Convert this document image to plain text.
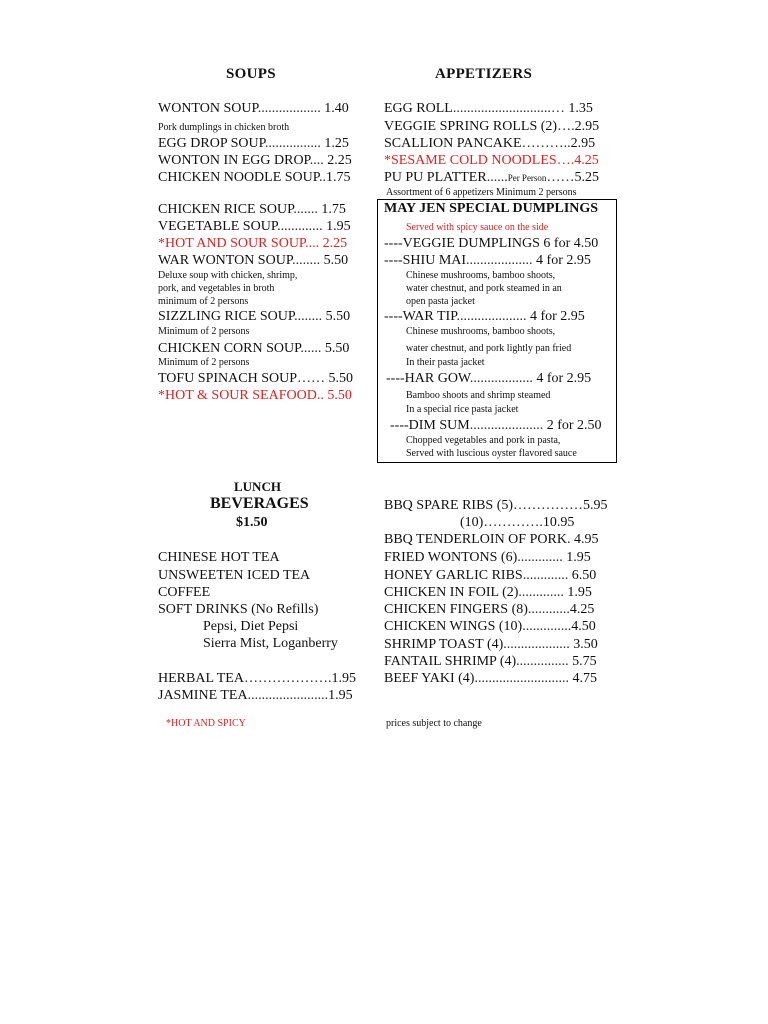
SOUPS
WONTON SOUP.................. 1.40
Pork dumplings in chicken broth
EGG DROP SOUP................ 1.25
WONTON IN EGG DROP.... 2.25
CHICKEN NOODLE SOUP..1.75
CHICKEN RICE SOUP....... 1.75
VEGETABLE SOUP............. 1.95
*HOT AND SOUR SOUP.... 2.25
WAR WONTON SOUP........ 5.50
Deluxe soup with chicken, shrimp,
pork, and vegetables in broth
minimum of 2 persons
SIZZLING RICE SOUP........ 5.50
Minimum of 2 persons
CHICKEN CORN SOUP...... 5.50
Minimum of 2 persons
TOFU SPINACH SOUP…… 5.50
*HOT & SOUR SEAFOOD.. 5.50
APPETIZERS
EGG ROLL............................… 1.35
VEGGIE SPRING ROLLS (2)….2.95
SCALLION PANCAKE………..2.95
*SESAME COLD NOODLES….4.25
PU PU PLATTER......Per Person……5.25
Assortment of 6 appetizers Minimum 2 persons
MAY JEN SPECIAL DUMPLINGS
Served with spicy sauce on the side
----VEGGIE DUMPLINGS 6 for 4.50
----SHIU MAI................... 4 for 2.95
Chinese mushrooms, bamboo shoots,
water chestnut, and pork steamed in an
open pasta jacket
----WAR TIP.................... 4 for 2.95
Chinese mushrooms, bamboo shoots,
water chestnut, and pork lightly pan fried
In their pasta jacket
----HAR GOW.................. 4 for 2.95
Bamboo shoots and shrimp steamed
In a special rice pasta jacket
----DIM SUM..................... 2 for 2.50
Chopped vegetables and pork in pasta,
Served with luscious oyster flavored sauce
LUNCH
BEVERAGES
$1.50
CHINESE HOT TEA
UNSWEETEN ICED TEA
COFFEE
SOFT DRINKS (No Refills)
Pepsi, Diet Pepsi
Sierra Mist, Loganberry
HERBAL TEA……………….1.95
JASMINE TEA.......................1.95
BBQ SPARE RIBS (5)……………5.95
(10)………….10.95
BBQ TENDERLOIN OF PORK. 4.95
FRIED WONTONS (6)............. 1.95
HONEY GARLIC RIBS............. 6.50
CHICKEN IN FOIL (2)............. 1.95
CHICKEN FINGERS (8)............4.25
CHICKEN WINGS (10)..............4.50
SHRIMP TOAST (4)................... 3.50
FANTAIL SHRIMP (4)............... 5.75
BEEF YAKI (4)........................... 4.75
*HOT AND SPICY	prices subject to change
